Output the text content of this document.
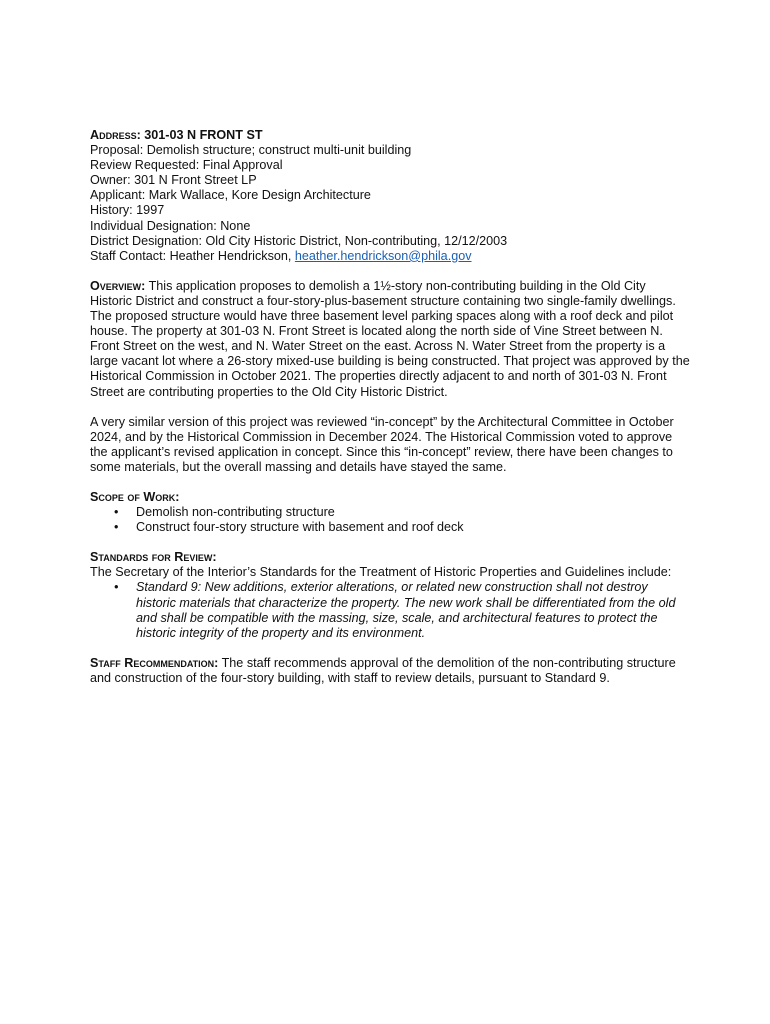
Address: 301-03 N FRONT ST
Proposal: Demolish structure; construct multi-unit building
Review Requested: Final Approval
Owner: 301 N Front Street LP
Applicant: Mark Wallace, Kore Design Architecture
History: 1997
Individual Designation: None
District Designation: Old City Historic District, Non-contributing, 12/12/2003
Staff Contact: Heather Hendrickson, heather.hendrickson@phila.gov

Overview: This application proposes to demolish a 1½-story non-contributing building in the Old City Historic District and construct a four-story-plus-basement structure containing two single-family dwellings. The proposed structure would have three basement level parking spaces along with a roof deck and pilot house. The property at 301-03 N. Front Street is located along the north side of Vine Street between N. Front Street on the west, and N. Water Street on the east. Across N. Water Street from the property is a large vacant lot where a 26-story mixed-use building is being constructed. That project was approved by the Historical Commission in October 2021. The properties directly adjacent to and north of 301-03 N. Front Street are contributing properties to the Old City Historic District.

A very similar version of this project was reviewed “in-concept” by the Architectural Committee in October 2024, and by the Historical Commission in December 2024. The Historical Commission voted to approve the applicant’s revised application in concept. Since this “in-concept” review, there have been changes to some materials, but the overall massing and details have stayed the same.

Scope of Work:
• Demolish non-contributing structure
• Construct four-story structure with basement and roof deck
Standards for Review:

The Secretary of the Interior’s Standards for the Treatment of Historic Properties and Guidelines include:

• Standard 9: New additions, exterior alterations, or related new construction shall not destroy historic materials that characterize the property. The new work shall be differentiated from the old and shall be compatible with the massing, size, scale, and architectural features to protect the historic integrity of the property and its environment.

Staff Recommendation: The staff recommends approval of the demolition of the non-contributing structure and construction of the four-story building, with staff to review details, pursuant to Standard 9.
